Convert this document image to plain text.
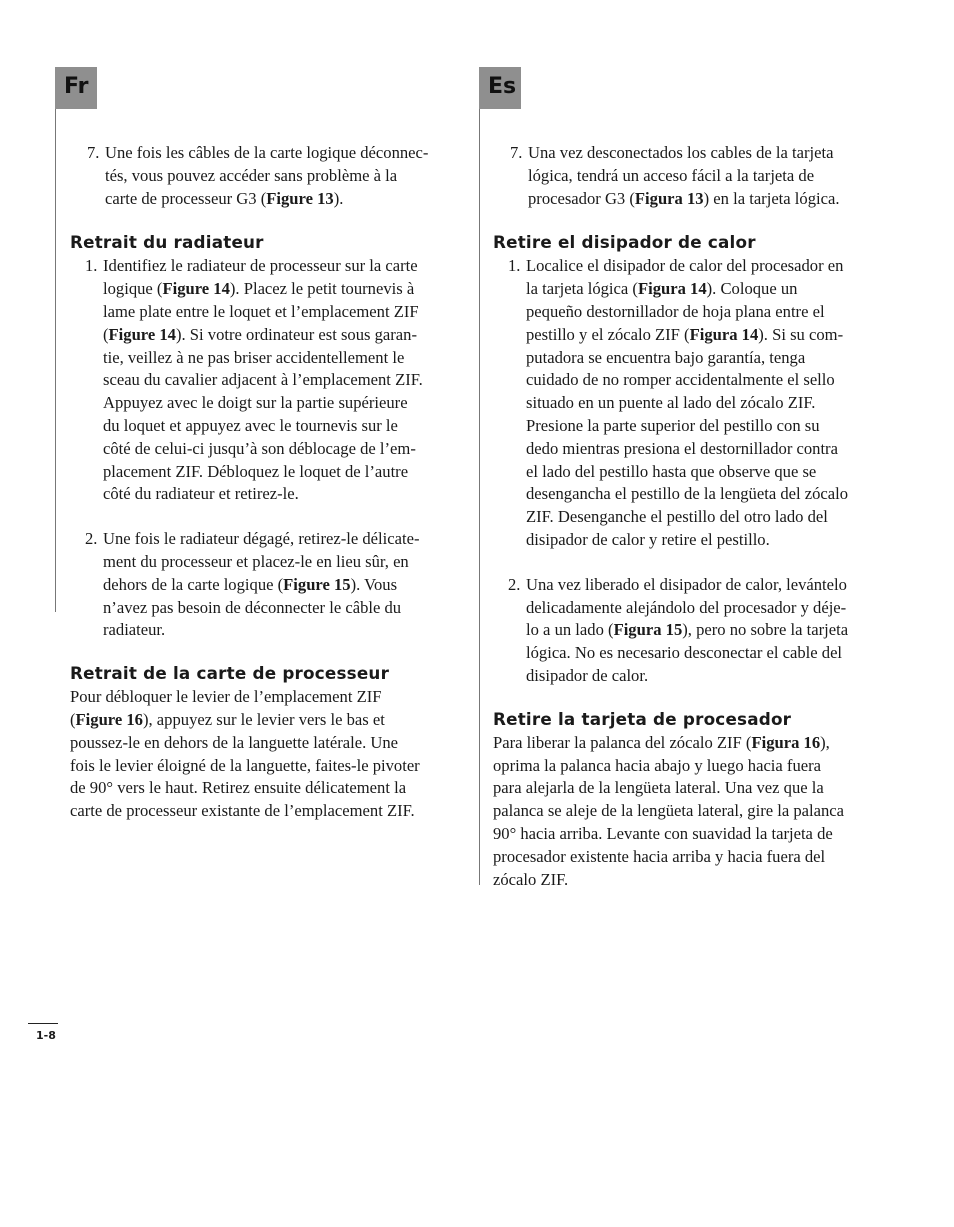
Fr	Es
7. Une fois les câbles de la carte logique déconnec-

tés, vous pouvez accéder sans problème à la

carte de processeur G3 (Figure 13).

Retrait du radiateur
1. Identifiez le radiateur de processeur sur la carte

logique (Figure 14). Placez le petit tournevis à

lame plate entre le loquet et l’emplacement ZIF

(Figure 14). Si votre ordinateur est sous garan-

tie, veillez à ne pas briser accidentellement le

sceau du cavalier adjacent à l’emplacement ZIF.

Appuyez avec le doigt sur la partie supérieure

du loquet et appuyez avec le tournevis sur le

côté de celui-ci jusqu’à son déblocage de l’em-

placement ZIF. Débloquez le loquet de l’autre

côté du radiateur et retirez-le.

2. Une fois le radiateur dégagé, retirez-le délicate-

ment du processeur et placez-le en lieu sûr, en

dehors de la carte logique (Figure 15). Vous

n’avez pas besoin de déconnecter le câble du

radiateur.

Retrait de la carte de processeur

Pour débloquer le levier de l’emplacement ZIF

(Figure 16), appuyez sur le levier vers le bas et

poussez-le en dehors de la languette latérale. Une

fois le levier éloigné de la languette, faites-le pivoter

de 90° vers le haut. Retirez ensuite délicatement la

carte de processeur existante de l’emplacement ZIF.

7. Una vez desconectados los cables de la tarjeta

lógica, tendrá un acceso fácil a la tarjeta de

procesador G3 (Figura 13) en la tarjeta lógica.

Retire el disipador de calor
1. Localice el disipador de calor del procesador en

la tarjeta lógica (Figura 14). Coloque un

pequeño destornillador de hoja plana entre el

pestillo y el zócalo ZIF (Figura 14). Si su com-

putadora se encuentra bajo garantía, tenga

cuidado de no romper accidentalmente el sello

situado en un puente al lado del zócalo ZIF.

Presione la parte superior del pestillo con su

dedo mientras presiona el destornillador contra

el lado del pestillo hasta que observe que se

desengancha el pestillo de la lengüeta del zócalo

ZIF. Desenganche el pestillo del otro lado del

disipador de calor y retire el pestillo.

2. Una vez liberado el disipador de calor, levántelo

delicadamente alejándolo del procesador y déje-

lo a un lado (Figura 15), pero no sobre la tarjeta

lógica. No es necesario desconectar el cable del

disipador de calor.

Retire la tarjeta de procesador

Para liberar la palanca del zócalo ZIF (Figura 16),

oprima la palanca hacia abajo y luego hacia fuera

para alejarla de la lengüeta lateral. Una vez que la

palanca se aleje de la lengüeta lateral, gire la palanca

90° hacia arriba. Levante con suavidad la tarjeta de

procesador existente hacia arriba y hacia fuera del

zócalo ZIF.

1-8
